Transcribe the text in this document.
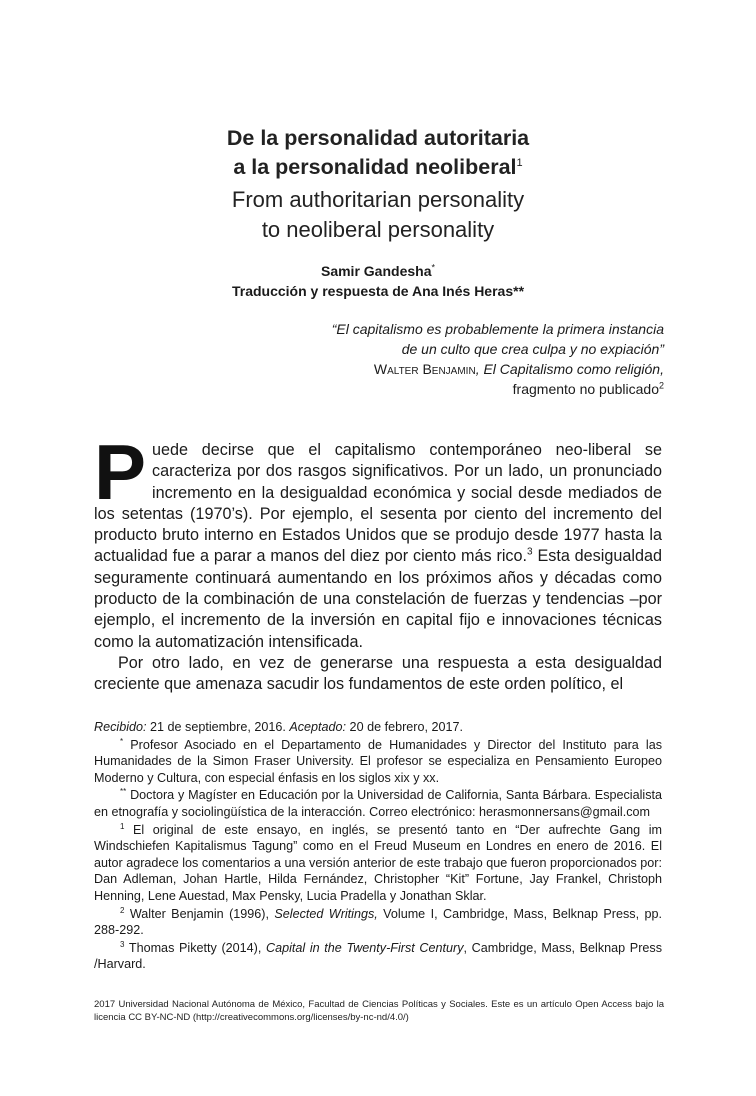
De la personalidad autoritaria
a la personalidad neoliberal$^1$
From authoritarian personality
to neoliberal personality
Samir Gandesha*
Traducción y respuesta de Ana Inés Heras**
“El capitalismo es probablemente la primera instancia
de un culto que crea culpa y no expiación”
Walter Benjamin, El Capitalismo como religión,
fragmento no publicado$^2$

Puede decirse que el capitalismo contemporáneo neo-liberal se caracteriza por dos rasgos significativos. Por un lado, un pronunciado incremento en la desigualdad económica y social desde mediados de los setentas (1970’s). Por ejemplo, el sesenta por ciento del incremento del producto bruto interno en Estados Unidos que se produjo desde 1977 hasta la actualidad fue a parar a manos del diez por ciento más rico.$^3$ Esta desigualdad seguramente continuará aumentando en los próximos años y décadas como producto de la combinación de una constelación de fuerzas y tendencias –por ejemplo, el incremento de la inversión en capital fijo e innovaciones técnicas como la automatización intensificada.

Por otro lado, en vez de generarse una respuesta a esta desigualdad creciente que amenaza sacudir los fundamentos de este orden político, el

Recibido: 21 de septiembre, 2016. Aceptado: 20 de febrero, 2017.

* Profesor Asociado en el Departamento de Humanidades y Director del Instituto para las Humanidades de la Simon Fraser University. El profesor se especializa en Pensamiento Europeo Moderno y Cultura, con especial énfasis en los siglos xix y xx.

** Doctora y Magíster en Educación por la Universidad de California, Santa Bárbara. Especialista en etnografía y sociolingüística de la interacción. Correo electrónico: herasmonnersans@gmail.com

$^1$ El original de este ensayo, en inglés, se presentó tanto en “Der aufrechte Gang im Windschiefen Kapitalismus Tagung” como en el Freud Museum en Londres en enero de 2016. El autor agradece los comentarios a una versión anterior de este trabajo que fueron proporcionados por: Dan Adleman, Johan Hartle, Hilda Fernández, Christopher “Kit” Fortune, Jay Frankel, Christoph Henning, Lene Auestad, Max Pensky, Lucia Pradella y Jonathan Sklar.

$^2$ Walter Benjamin (1996), Selected Writings, Volume I, Cambridge, Mass, Belknap Press, pp. 288-292.

$^3$ Thomas Piketty (2014), Capital in the Twenty-First Century, Cambridge, Mass, Belknap Press /Harvard.

2017 Universidad Nacional Autónoma de México, Facultad de Ciencias Políticas y Sociales. Este es un artículo Open Access bajo la licencia CC BY-NC-ND (http://creativecommons.org/licenses/by-nc-nd/4.0/)
